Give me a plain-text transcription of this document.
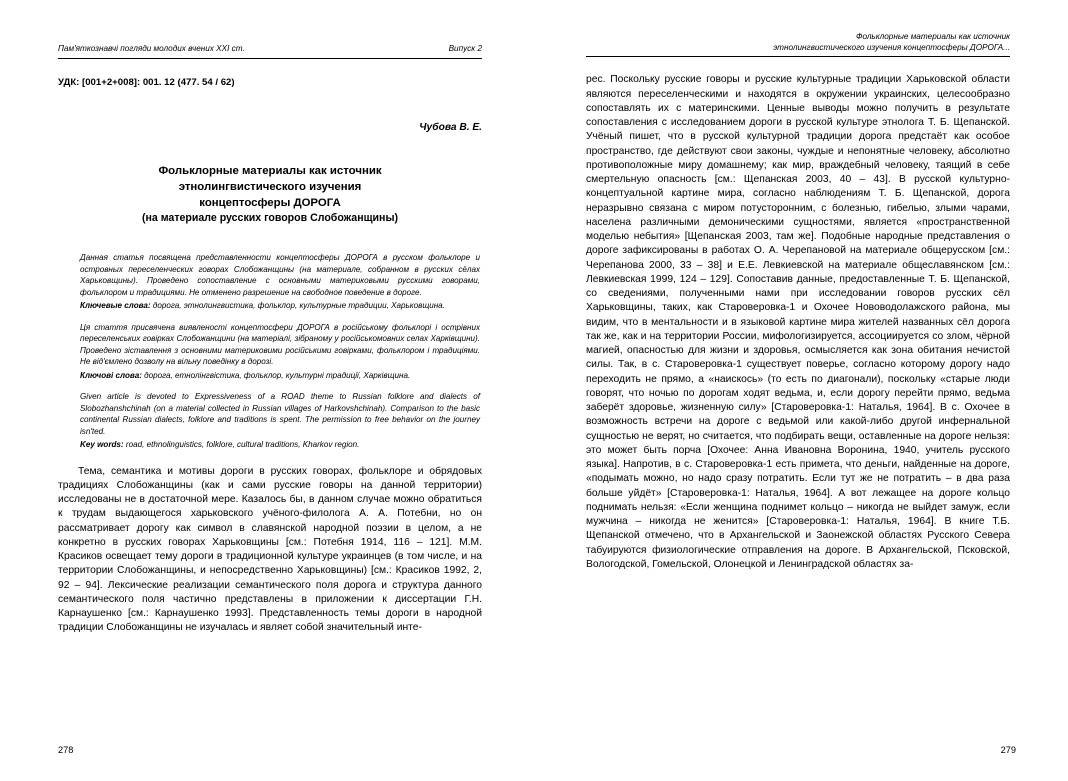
Пам'яткознавчі погляди молодих вчених ХХІ ст.	Випуск 2
УДК: [001+2+008]: 001. 12 (477. 54 / 62)
Чубова В. Е.
Фольклорные материалы как источник
этнолингвистического изучения
концептосферы ДОРОГА
(на материале русских говоров Слобожанщины)

Данная статья посвящена представленности концептосферы ДОРОГА в русском фольклоре и островных переселенческих говорах Слобожанщины (на материале, собранном в русских сёлах Харьковщины). Проведено сопоставление с основными материковыми русскими говорами, фольклором и традициями. Не отменено разрешение на свободное поведение в дороге.

Ключевые слова: дорога, этнолингвистика, фольклор, культурные традиции, Харьковщина.

Ця стаття присвячена виявленості концептосфери ДОРОГА в російському фольклорі і острівних переселенських говірках Слобожанщини (на матеріалі, зібраному у російськомовних селах Харківщини). Проведено зіставлення з основними материковими російськими говірками, фольклором і традиціями. Не від'ємлено дозволу на вільну поведінку в дорозі.

Ключові слова: дорога, етнолінгвістика, фольклор, культурні традиції, Харківщина.

Given article is devoted to Expressiveness of a ROAD theme to Russian folklore and dialects of Slobozhanshchinah (on a material collected in Russian villages of Harkovshchinah). Comparison to the basic continental Russian dialects, folklore and traditions is spent. The permission to free behavior on the journey isn'ted.

Key words: road, ethnolinguistics, folklore, cultural traditions, Kharkov region.

Тема, семантика и мотивы дороги в русских говорах, фольклоре и обрядовых традициях Слобожанщины (как и сами русские говоры на данной территории) исследованы не в достаточной мере. Казалось бы, в данном случае можно обратиться к трудам выдающегося харьковского учёного-филолога А. А. Потебни, но он рассматривает дорогу как символ в славянской народной поэзии в целом, а не конкретно в русских говорах Харьковщины [см.: Потебня 1914, 116 – 121]. М.М. Красиков освещает тему дороги в традиционной культуре украинцев (в том числе, и на территории Слобожанщины, и непосредственно Харьковщины) [см.: Красиков 1992, 2, 92 – 94]. Лексические реализации семантического поля дорога и структура данного семантического поля частично представлены в приложении к диссертации Г.Н. Карнаушенко [см.: Карнаушенко 1993]. Представленность темы дороги в народной традиции Слобожанщины не изучалась и являет собой значительный инте-

278
Фольклорные материалы как источник
этнолингвистического изучения концептосферы ДОРОГА...

рес. Поскольку русские говоры и русские культурные традиции Харьковской области являются переселенческими и находятся в окружении украинских, целесообразно сопоставлять их с материнскими. Ценные выводы можно получить в результате сопоставления с исследованием дороги в русской культуре этнолога Т. Б. Щепанской. Учёный пишет, что в русской культурной традиции дорога предстаёт как особое пространство, где действуют свои законы, чуждые и непонятные человеку, абсолютно противоположные миру домашнему; как мир, враждебный человеку, таящий в себе смертельную опасность [см.: Щепанская 2003, 40 – 43]. В русской культурно-концептуальной картине мира, согласно наблюдениям Т. Б. Щепанской, дорога неразрывно связана с миром потусторонним, с болезнью, гибелью, злыми чарами, населена различными демоническими сущностями, является «пространственной моделью небытия» [Щепанская 2003, там же]. Подобные народные представления о дороге зафиксированы в работах О. А. Черепановой на материале общерусском [см.: Черепанова 2000, 33 – 38] и Е.Е. Левкиевской на материале общеславянском [см.: Левкиевская 1999, 124 – 129]. Сопоставив данные, предоставленные Т. Б. Щепанской, со сведениями, полученными нами при исследовании говоров русских сёл Харьковщины, таких, как Староверовка-1 и Охочее Нововодолажского района, мы видим, что в ментальности и в языковой картине мира жителей названных сёл дорога так же, как и на территории России, мифологизируется, ассоциируется со злом, чёрной магией, опасностью для жизни и здоровья, осмысляется как зона обитания нечистой силы. Так, в с. Староверовка-1 существует поверье, согласно которому дорогу надо переходить не прямо, а «наискось» (то есть по диагонали), поскольку «старые люди говорят, что ночью по дорогам ходят ведьма, и, если дорогу перейти прямо, ведьма заберёт здоровье, жизненную силу» [Староверовка-1: Наталья, 1964]. В с. Охочее в возможность встречи на дороге с ведьмой или какой-либо другой инфернальной сущностью не верят, но считается, что подбирать вещи, оставленные на дороге нельзя: это может быть порча [Охочее: Анна Ивановна Воронина, 1940, учитель русского языка]. Напротив, в с. Староверовка-1 есть примета, что деньги, найденные на дороге, «подымать можно, но надо сразу потратить. Если тут же не потратить – в два раза больше уйдёт» [Староверовка-1: Наталья, 1964]. А вот лежащее на дороге кольцо поднимать нельзя: «Если женщина поднимет кольцо – никогда не выйдет замуж, если мужчина – никогда не женится» [Староверовка-1: Наталья, 1964]. В книге Т.Б. Щепанской отмечено, что в Архангельской и Заонежской областях Русского Севера табуируются физиологические отправления на дороге. В Архангельской, Псковской, Вологодской, Гомельской, Олонецкой и Ленинградской областях за-

279
